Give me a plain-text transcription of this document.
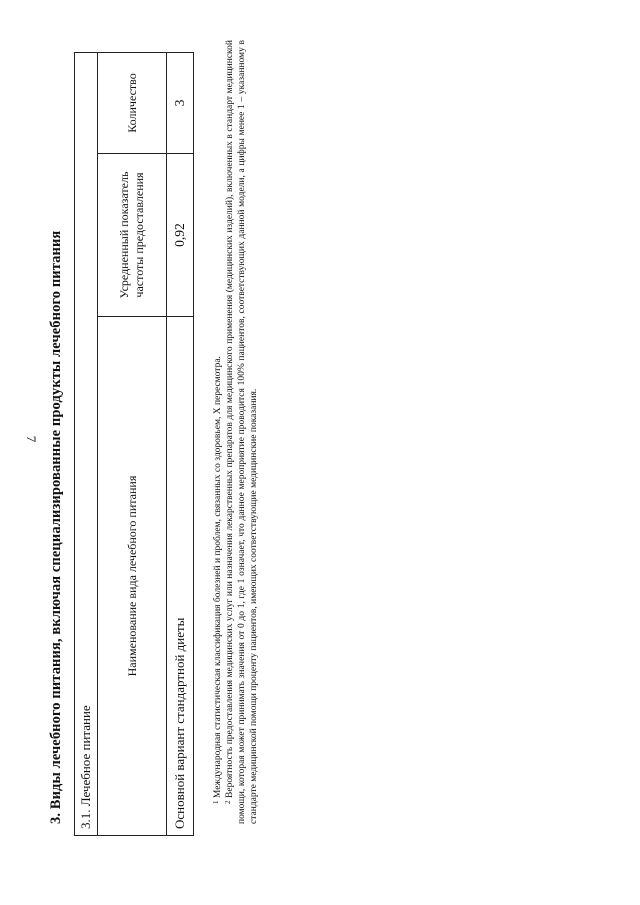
7 3. Виды лечебного питания, включая специализированные продукты лечебного питания 3.1. Лечебное питание		
Наименование вида лечебного питания	Усредненный показатель частоты предоставления	Количество
Основной вариант стандартной диеты	0,92	3
$^1$ Международная статистическая классификация болезней и проблем, связанных со здоровьем, X пересмотра.
$^2$ Вероятность предоставления медицинских услуг или назначения лекарственных препаратов для медицинского применения (медицинских изделий), включенных в стандарт медицинской помощи, которая может принимать значения от 0 до 1, где 1 означает, что данное мероприятие проводится 100% пациентов, соответствующих данной модели, а цифры менее 1 – указанному в стандарте медицинской помощи проценту пациентов, имеющих соответствующие медицинские показания.
